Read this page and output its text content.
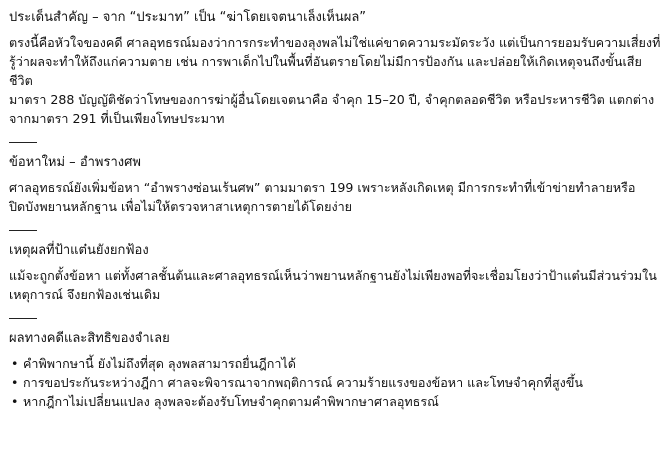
ประเด็นสำคัญ – จาก “ประมาท” เป็น “ฆ่าโดยเจตนาเล็งเห็นผล”

ตรงนี้คือหัวใจของคดี ศาลอุทธรณ์มองว่าการกระทำของลุงพลไม่ใช่แค่ขาดความระมัดระวัง แต่เป็นการยอมรับความเสี่ยงที่รู้ว่าผลจะทำให้ถึงแก่ความตาย เช่น การพาเด็กไปในพื้นที่อันตรายโดยไม่มีการป้องกัน และปล่อยให้เกิดเหตุจนถึงขั้นเสียชีวิต

มาตรา 288 บัญญัติชัดว่าโทษของการฆ่าผู้อื่นโดยเจตนาคือ จำคุก 15–20 ปี, จำคุกตลอดชีวิต หรือประหารชีวิต แตกต่างจากมาตรา 291 ที่เป็นเพียงโทษประมาท

ข้อหาใหม่ – อำพรางศพ

ศาลอุทธรณ์ยังเพิ่มข้อหา “อำพรางซ่อนเร้นศพ” ตามมาตรา 199 เพราะหลังเกิดเหตุ มีการกระทำที่เข้าข่ายทำลายหรือปิดบังพยานหลักฐาน เพื่อไม่ให้ตรวจหาสาเหตุการตายได้โดยง่าย

เหตุผลที่ป้าแต๋นยังยกฟ้อง

แม้จะถูกตั้งข้อหา แต่ทั้งศาลชั้นต้นและศาลอุทธรณ์เห็นว่าพยานหลักฐานยังไม่เพียงพอที่จะเชื่อมโยงว่าป้าแต๋นมีส่วนร่วมในเหตุการณ์ จึงยกฟ้องเช่นเดิม

ผลทางคดีและสิทธิของจำเลย
• คำพิพากษานี้ ยังไม่ถึงที่สุด ลุงพลสามารถยื่นฎีกาได้
• การขอประกันระหว่างฎีกา ศาลจะพิจารณาจากพฤติการณ์ ความร้ายแรงของข้อหา และโทษจำคุกที่สูงขึ้น
• หากฎีกาไม่เปลี่ยนแปลง ลุงพลจะต้องรับโทษจำคุกตามคำพิพากษาศาลอุทธรณ์
